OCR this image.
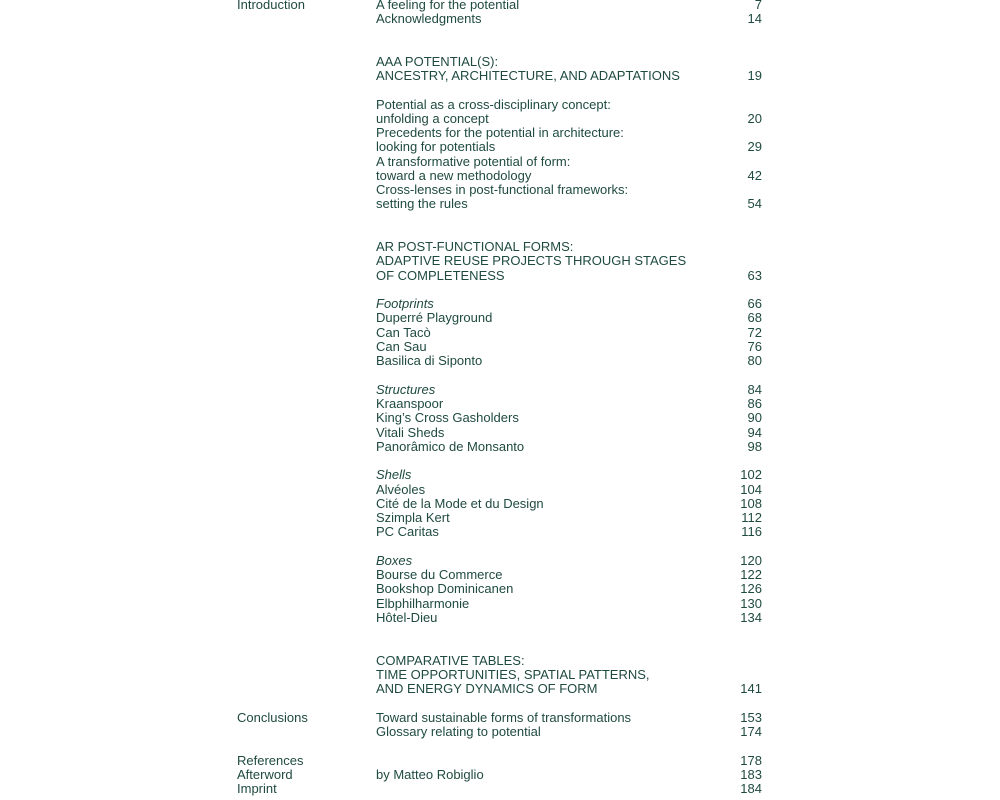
Introduction	A feeling for the potential	7
Acknowledgments	14
AAA POTENTIAL(S):
ANCESTRY, ARCHITECTURE, AND ADAPTATIONS	19
Potential as a cross-disciplinary concept:
unfolding a concept	20
Precedents for the potential in architecture:
looking for potentials	29
A transformative potential of form:
toward a new methodology	42
Cross-lenses in post-functional frameworks:
setting the rules	54
AR POST-FUNCTIONAL FORMS:
ADAPTIVE REUSE PROJECTS THROUGH STAGES
OF COMPLETENESS	63
Footprints	66
Duperré Playground	68
Can Tacò	72
Can Sau	76
Basilica di Siponto	80
Structures	84
Kraanspoor	86
King’s Cross Gasholders	90
Vitali Sheds	94
Panorâmico de Monsanto	98
Shells	102
Alvéoles	104
Cité de la Mode et du Design	108
Szimpla Kert	112
PC Caritas	116
Boxes	120
Bourse du Commerce	122
Bookshop Dominicanen	126
Elbphilharmonie	130
Hôtel-Dieu	134
COMPARATIVE TABLES:
TIME OPPORTUNITIES, SPATIAL PATTERNS,
AND ENERGY DYNAMICS OF FORM	141
Conclusions	Toward sustainable forms of transformations	153
Glossary relating to potential	174
References	178
Afterword	by Matteo Robiglio	183
Imprint	184
